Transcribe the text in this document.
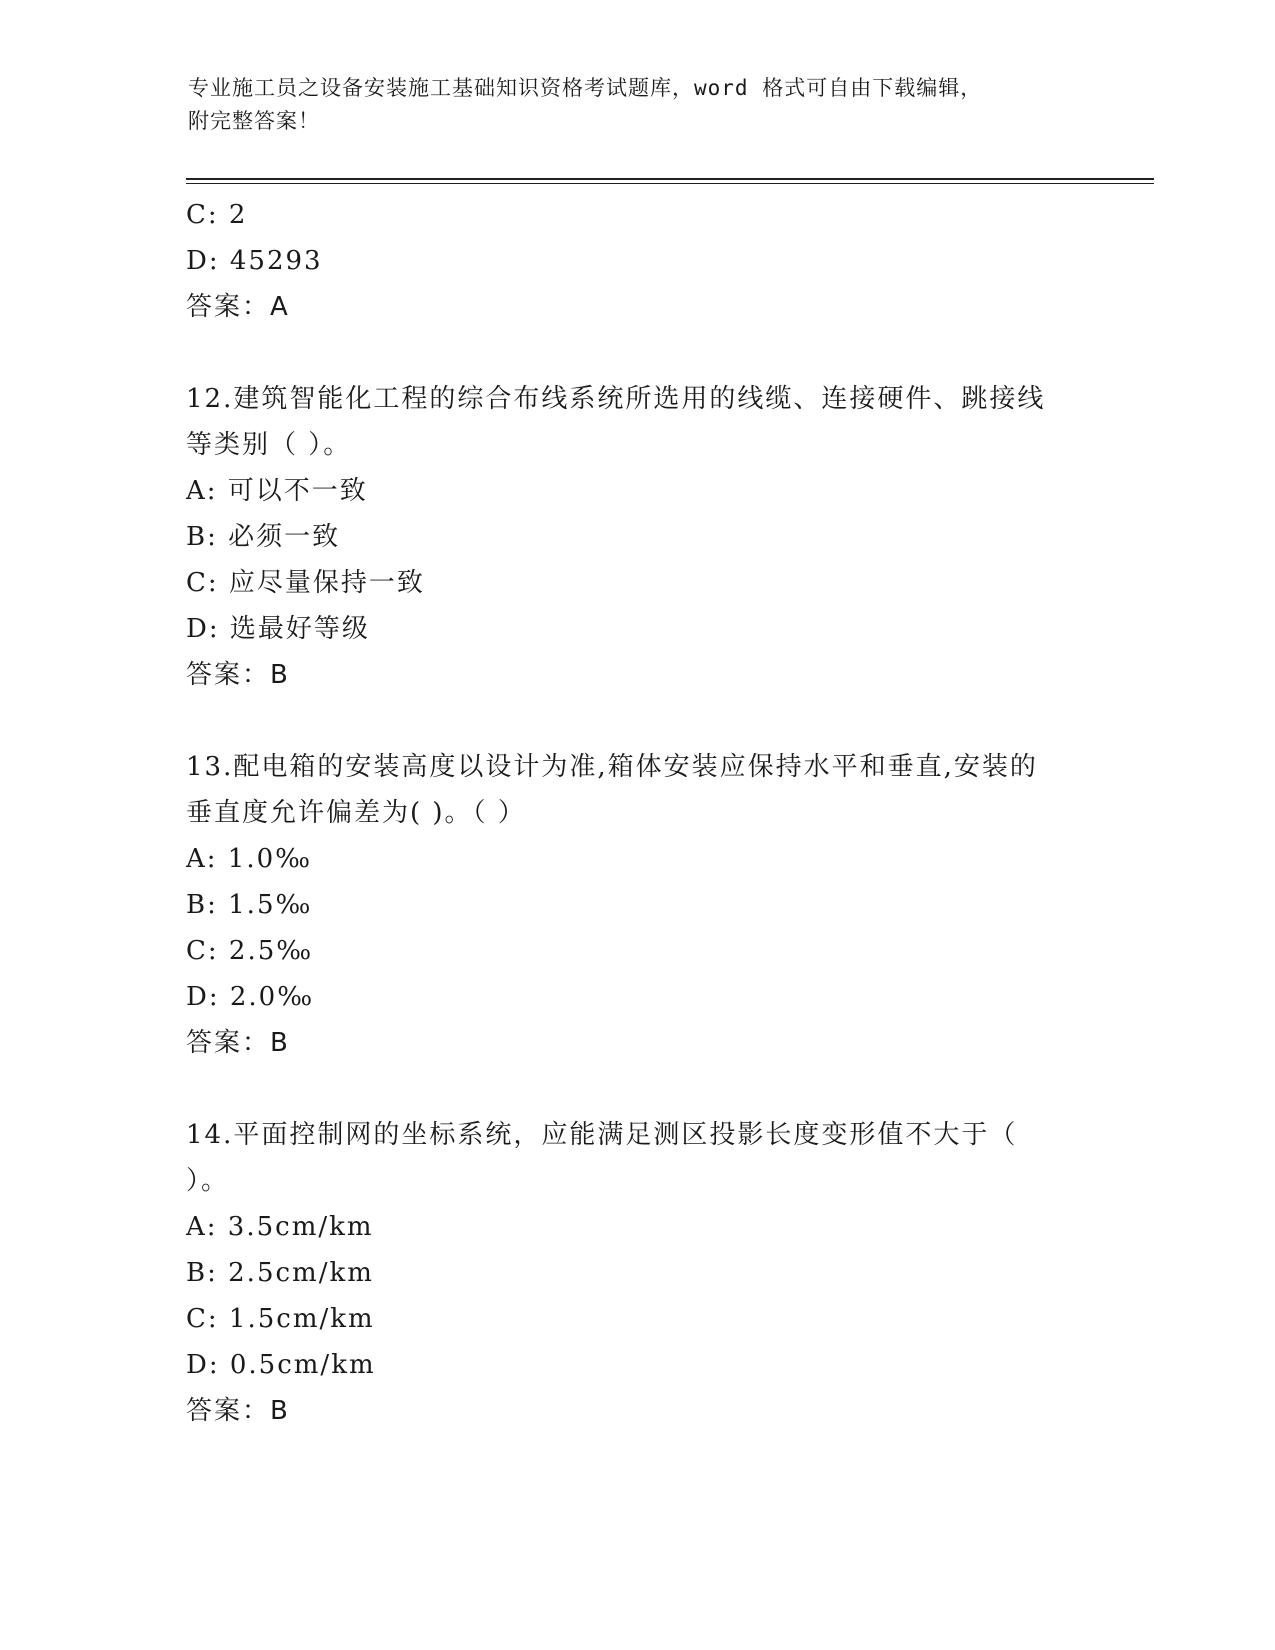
专业施工员之设备安装施工基础知识资格考试题库，word 格式可自由下载编辑，
附完整答案！
C: 2
D: 45293
答案：A
12.建筑智能化工程的综合布线系统所选用的线缆、连接硬件、跳接线
等类别（ ）。
A: 可以不一致
B: 必须一致
C: 应尽量保持一致
D: 选最好等级
答案：B
13.配电箱的安装高度以设计为准,箱体安装应保持水平和垂直,安装的
垂直度允许偏差为( )。（ ）
A: 1.0‰
B: 1.5‰
C: 2.5‰
D: 2.0‰
答案：B
14.平面控制网的坐标系统，应能满足测区投影长度变形值不大于（
）。
A: 3.5cm/km
B: 2.5cm/km
C: 1.5cm/km
D: 0.5cm/km
答案：B
